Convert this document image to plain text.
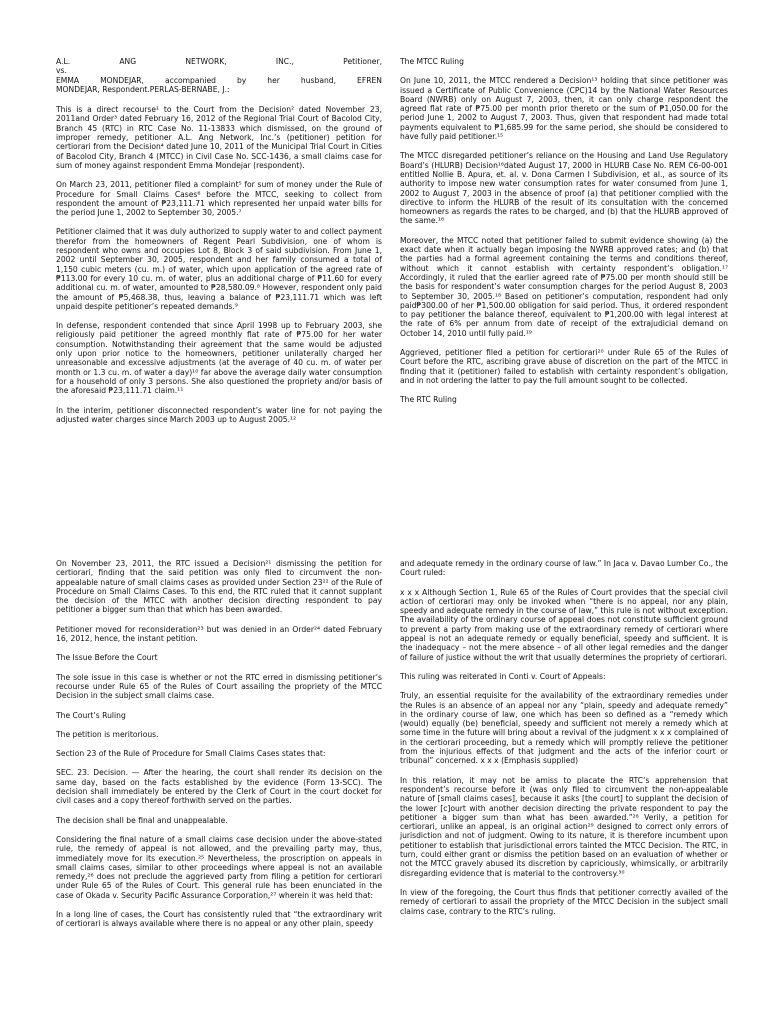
A.L.	ANG	NETWORK,	INC.,	Petitioner,
vs.
EMMA	MONDEJAR,	accompanied	by	her	husband,	EFREN
MONDEJAR, Respondent.PERLAS-BERNABE, J.:

This is a direct recourse¹ to the Court from the Decision² dated November 23, 2011and Order³ dated February 16, 2012 of the Regional Trial Court of Bacolod City, Branch 45 (RTC) in RTC Case No. 11-13833 which dismissed, on the ground of improper remedy, petitioner A.L. Ang Network, Inc.’s (petitioner) petition for certiorari from the Decision⁴ dated June 10, 2011 of the Municipal Trial Court in Cities of Bacolod City, Branch 4 (MTCC) in Civil Case No. SCC-1436, a small claims case for sum of money against respondent Emma Mondejar (respondent).

On March 23, 2011, petitioner filed a complaint⁵ for sum of money under the Rule of Procedure for Small Claims Cases⁶ before the MTCC, seeking to collect from respondent the amount of ₱23,111.71 which represented her unpaid water bills for the period June 1, 2002 to September 30, 2005.⁷

Petitioner claimed that it was duly authorized to supply water to and collect payment therefor from the homeowners of Regent Pearl Subdivision, one of whom is respondent who owns and occupies Lot 8, Block 3 of said subdivision. From June 1, 2002 until September 30, 2005, respondent and her family consumed a total of 1,150 cubic meters (cu. m.) of water, which upon application of the agreed rate of ₱113.00 for every 10 cu. m. of water, plus an additional charge of ₱11.60 for every additional cu. m. of water, amounted to ₱28,580.09.⁸ However, respondent only paid the amount of ₱5,468.38, thus, leaving a balance of ₱23,111.71 which was left unpaid despite petitioner’s repeated demands.⁹

In defense, respondent contended that since April 1998 up to February 2003, she religiously paid petitioner the agreed monthly flat rate of ₱75.00 for her water consumption. Notwithstanding their agreement that the same would be adjusted only upon prior notice to the homeowners, petitioner unilaterally charged her unreasonable and excessive adjustments (at the average of 40 cu. m. of water per month or 1.3 cu. m. of water a day)¹⁰ far above the average daily water consumption for a household of only 3 persons. She also questioned the propriety and/or basis of the aforesaid ₱23,111.71 claim.¹¹

In the interim, petitioner disconnected respondent’s water line for not paying the adjusted water charges since March 2003 up to August 2005.¹²

The MTCC Ruling

On June 10, 2011, the MTCC rendered a Decision¹³ holding that since petitioner was issued a Certificate of Public Convenience (CPC)14 by the National Water Resources Board (NWRB) only on August 7, 2003, then, it can only charge respondent the agreed flat rate of ₱75.00 per month prior thereto or the sum of ₱1,050.00 for the period June 1, 2002 to August 7, 2003. Thus, given that respondent had made total payments equivalent to ₱1,685.99 for the same period, she should be considered to have fully paid petitioner.¹⁵

The MTCC disregarded petitioner’s reliance on the Housing and Land Use Regulatory Board’s (HLURB) Decision¹⁶dated August 17, 2000 in HLURB Case No. REM C6-00-001 entitled Nollie B. Apura, et. al. v. Dona Carmen I Subdivision, et al., as source of its authority to impose new water consumption rates for water consumed from June 1, 2002 to August 7, 2003 in the absence of proof (a) that petitioner complied with the directive to inform the HLURB of the result of its consultation with the concerned homeowners as regards the rates to be charged, and (b) that the HLURB approved of the same.¹⁶

Moreover, the MTCC noted that petitioner failed to submit evidence showing (a) the exact date when it actually began imposing the NWRB approved rates; and (b) that the parties had a formal agreement containing the terms and conditions thereof, without which it cannot establish with certainty respondent’s obligation.¹⁷ Accordingly, it ruled that the earlier agreed rate of ₱75.00 per month should still be the basis for respondent’s water consumption charges for the period August 8, 2003 to September 30, 2005.¹⁸ Based on petitioner’s computation, respondent had only paid₱300.00 of her ₱1,500.00 obligation for said period. Thus, it ordered respondent to pay petitioner the balance thereof, equivalent to ₱1,200.00 with legal interest at the rate of 6% per annum from date of receipt of the extrajudicial demand on October 14, 2010 until fully paid.¹⁹

Aggrieved, petitioner filed a petition for certiorari²⁰ under Rule 65 of the Rules of Court before the RTC, ascribing grave abuse of discretion on the part of the MTCC in finding that it (petitioner) failed to establish with certainty respondent’s obligation, and in not ordering the latter to pay the full amount sought to be collected.

The RTC Ruling

On November 23, 2011, the RTC issued a Decision²¹ dismissing the petition for certiorari, finding that the said petition was only filed to circumvent the non-appealable nature of small claims cases as provided under Section 23²² of the Rule of Procedure on Small Claims Cases. To this end, the RTC ruled that it cannot supplant the decision of the MTCC with another decision directing respondent to pay petitioner a bigger sum than that which has been awarded.

Petitioner moved for reconsideration²³ but was denied in an Order²⁴ dated February 16, 2012, hence, the instant petition.

The Issue Before the Court

The sole issue in this case is whether or not the RTC erred in dismissing petitioner’s recourse under Rule 65 of the Rules of Court assailing the propriety of the MTCC Decision in the subject small claims case.

The Court’s Ruling

The petition is meritorious.

Section 23 of the Rule of Procedure for Small Claims Cases states that:

SEC. 23. Decision. — After the hearing, the court shall render its decision on the same day, based on the facts established by the evidence (Form 13-SCC). The decision shall immediately be entered by the Clerk of Court in the court docket for civil cases and a copy thereof forthwith served on the parties.

The decision shall be final and unappealable.

Considering the final nature of a small claims case decision under the above-stated rule, the remedy of appeal is not allowed, and the prevailing party may, thus, immediately move for its execution.²⁵ Nevertheless, the proscription on appeals in small claims cases, similar to other proceedings where appeal is not an available remedy,²⁶ does not preclude the aggrieved party from filing a petition for certiorari under Rule 65 of the Rules of Court. This general rule has been enunciated in the case of Okada v. Security Pacific Assurance Corporation,²⁷ wherein it was held that:

In a long line of cases, the Court has consistently ruled that “the extraordinary writ of certiorari is always available where there is no appeal or any other plain, speedy

and adequate remedy in the ordinary course of law.” In Jaca v. Davao Lumber Co., the Court ruled:

x x x Although Section 1, Rule 65 of the Rules of Court provides that the special civil action of certiorari may only be invoked when “there is no appeal, nor any plain, speedy and adequate remedy in the course of law,” this rule is not without exception. The availability of the ordinary course of appeal does not constitute sufficient ground to prevent a party from making use of the extraordinary remedy of certiorari where appeal is not an adequate remedy or equally beneficial, speedy and sufficient. It is the inadequacy – not the mere absence – of all other legal remedies and the danger of failure of justice without the writ that usually determines the propriety of certiorari.

This ruling was reiterated in Conti v. Court of Appeals:

Truly, an essential requisite for the availability of the extraordinary remedies under the Rules is an absence of an appeal nor any “plain, speedy and adequate remedy” in the ordinary course of law, one which has been so defined as a “remedy which (would) equally (be) beneficial, speedy and sufficient not merely a remedy which at some time in the future will bring about a revival of the judgment x x x complained of in the certiorari proceeding, but a remedy which will promptly relieve the petitioner from the injurious effects of that judgment and the acts of the inferior court or tribunal” concerned. x x x (Emphasis supplied)

In this relation, it may not be amiss to placate the RTC’s apprehension that respondent’s recourse before it (was only filed to circumvent the non-appealable nature of [small claims cases], because it asks [the court] to supplant the decision of the lower [c]ourt with another decision directing the private respondent to pay the petitioner a bigger sum than what has been awarded.”²⁸ Verily, a petition for certiorari, unlike an appeal, is an original action²⁹ designed to correct only errors of jurisdiction and not of judgment. Owing to its nature, it is therefore incumbent upon petitioner to establish that jurisdictional errors tainted the MTCC Decision. The RTC, in turn, could either grant or dismiss the petition based on an evaluation of whether or not the MTCC gravely abused its discretion by capriciously, whimsically, or arbitrarily disregarding evidence that is material to the controversy.³⁰

In view of the foregoing, the Court thus finds that petitioner correctly availed of the remedy of certiorari to assail the propriety of the MTCC Decision in the subject small claims case, contrary to the RTC’s ruling.
